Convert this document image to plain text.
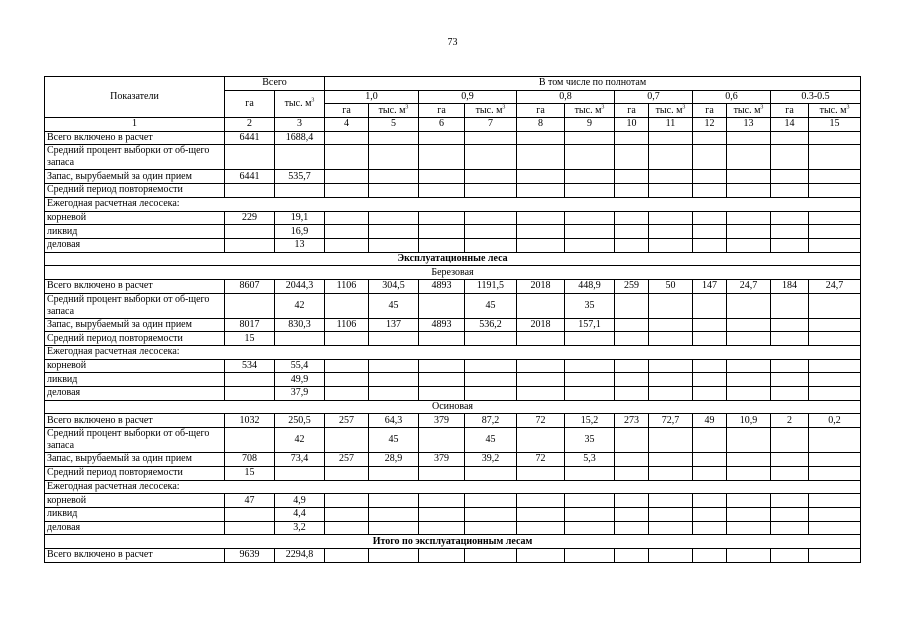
73
Показатели	Всего		В том числе по полнотам											
	га	тыс. $м^3$	1,0		0,9		0,8		0,7		0,6		0.3-0.5	
			га	тыс. $м^3$	га	тыс. $м^3$	га	тыс. $м^3$	га	тыс. $м^3$	га	тыс. $м^3$	га	тыс. $м^3$
1	2	3	4	5	6	7	8	9	10	11	12	13	14	15
Всего включено в расчет	6441	1688,4												
Средний процент выборки от об-щего запаса														
Запас, вырубаемый за один прием	6441	535,7												
Средний период повторяемости														
Ежегодная расчетная лесосека:														
корневой	229	19,1												
ликвид		16,9												
деловая		13												
Эксплуатационные леса														
Березовая														
Всего включено в расчет	8607	2044,3	1106	304,5	4893	1191,5	2018	448,9	259	50	147	24,7	184	24,7
Средний процент выборки от об-щего запаса		42		45		45		35						
Запас, вырубаемый за один прием	8017	830,3	1106	137	4893	536,2	2018	157,1						
Средний период повторяемости	15													
Ежегодная расчетная лесосека:														
корневой	534	55,4												
ликвид		49,9												
деловая		37,9												
Осиновая														
Всего включено в расчет	1032	250,5	257	64,3	379	87,2	72	15,2	273	72,7	49	10,9	2	0,2
Средний процент выборки от об-щего запаса		42		45		45		35						
Запас, вырубаемый за один прием	708	73,4	257	28,9	379	39,2	72	5,3						
Средний период повторяемости	15													
Ежегодная расчетная лесосека:														
корневой	47	4,9												
ликвид		4,4												
деловая		3,2												
Итого по эксплуатационным лесам														
Всего включено в расчет	9639	2294,8												
